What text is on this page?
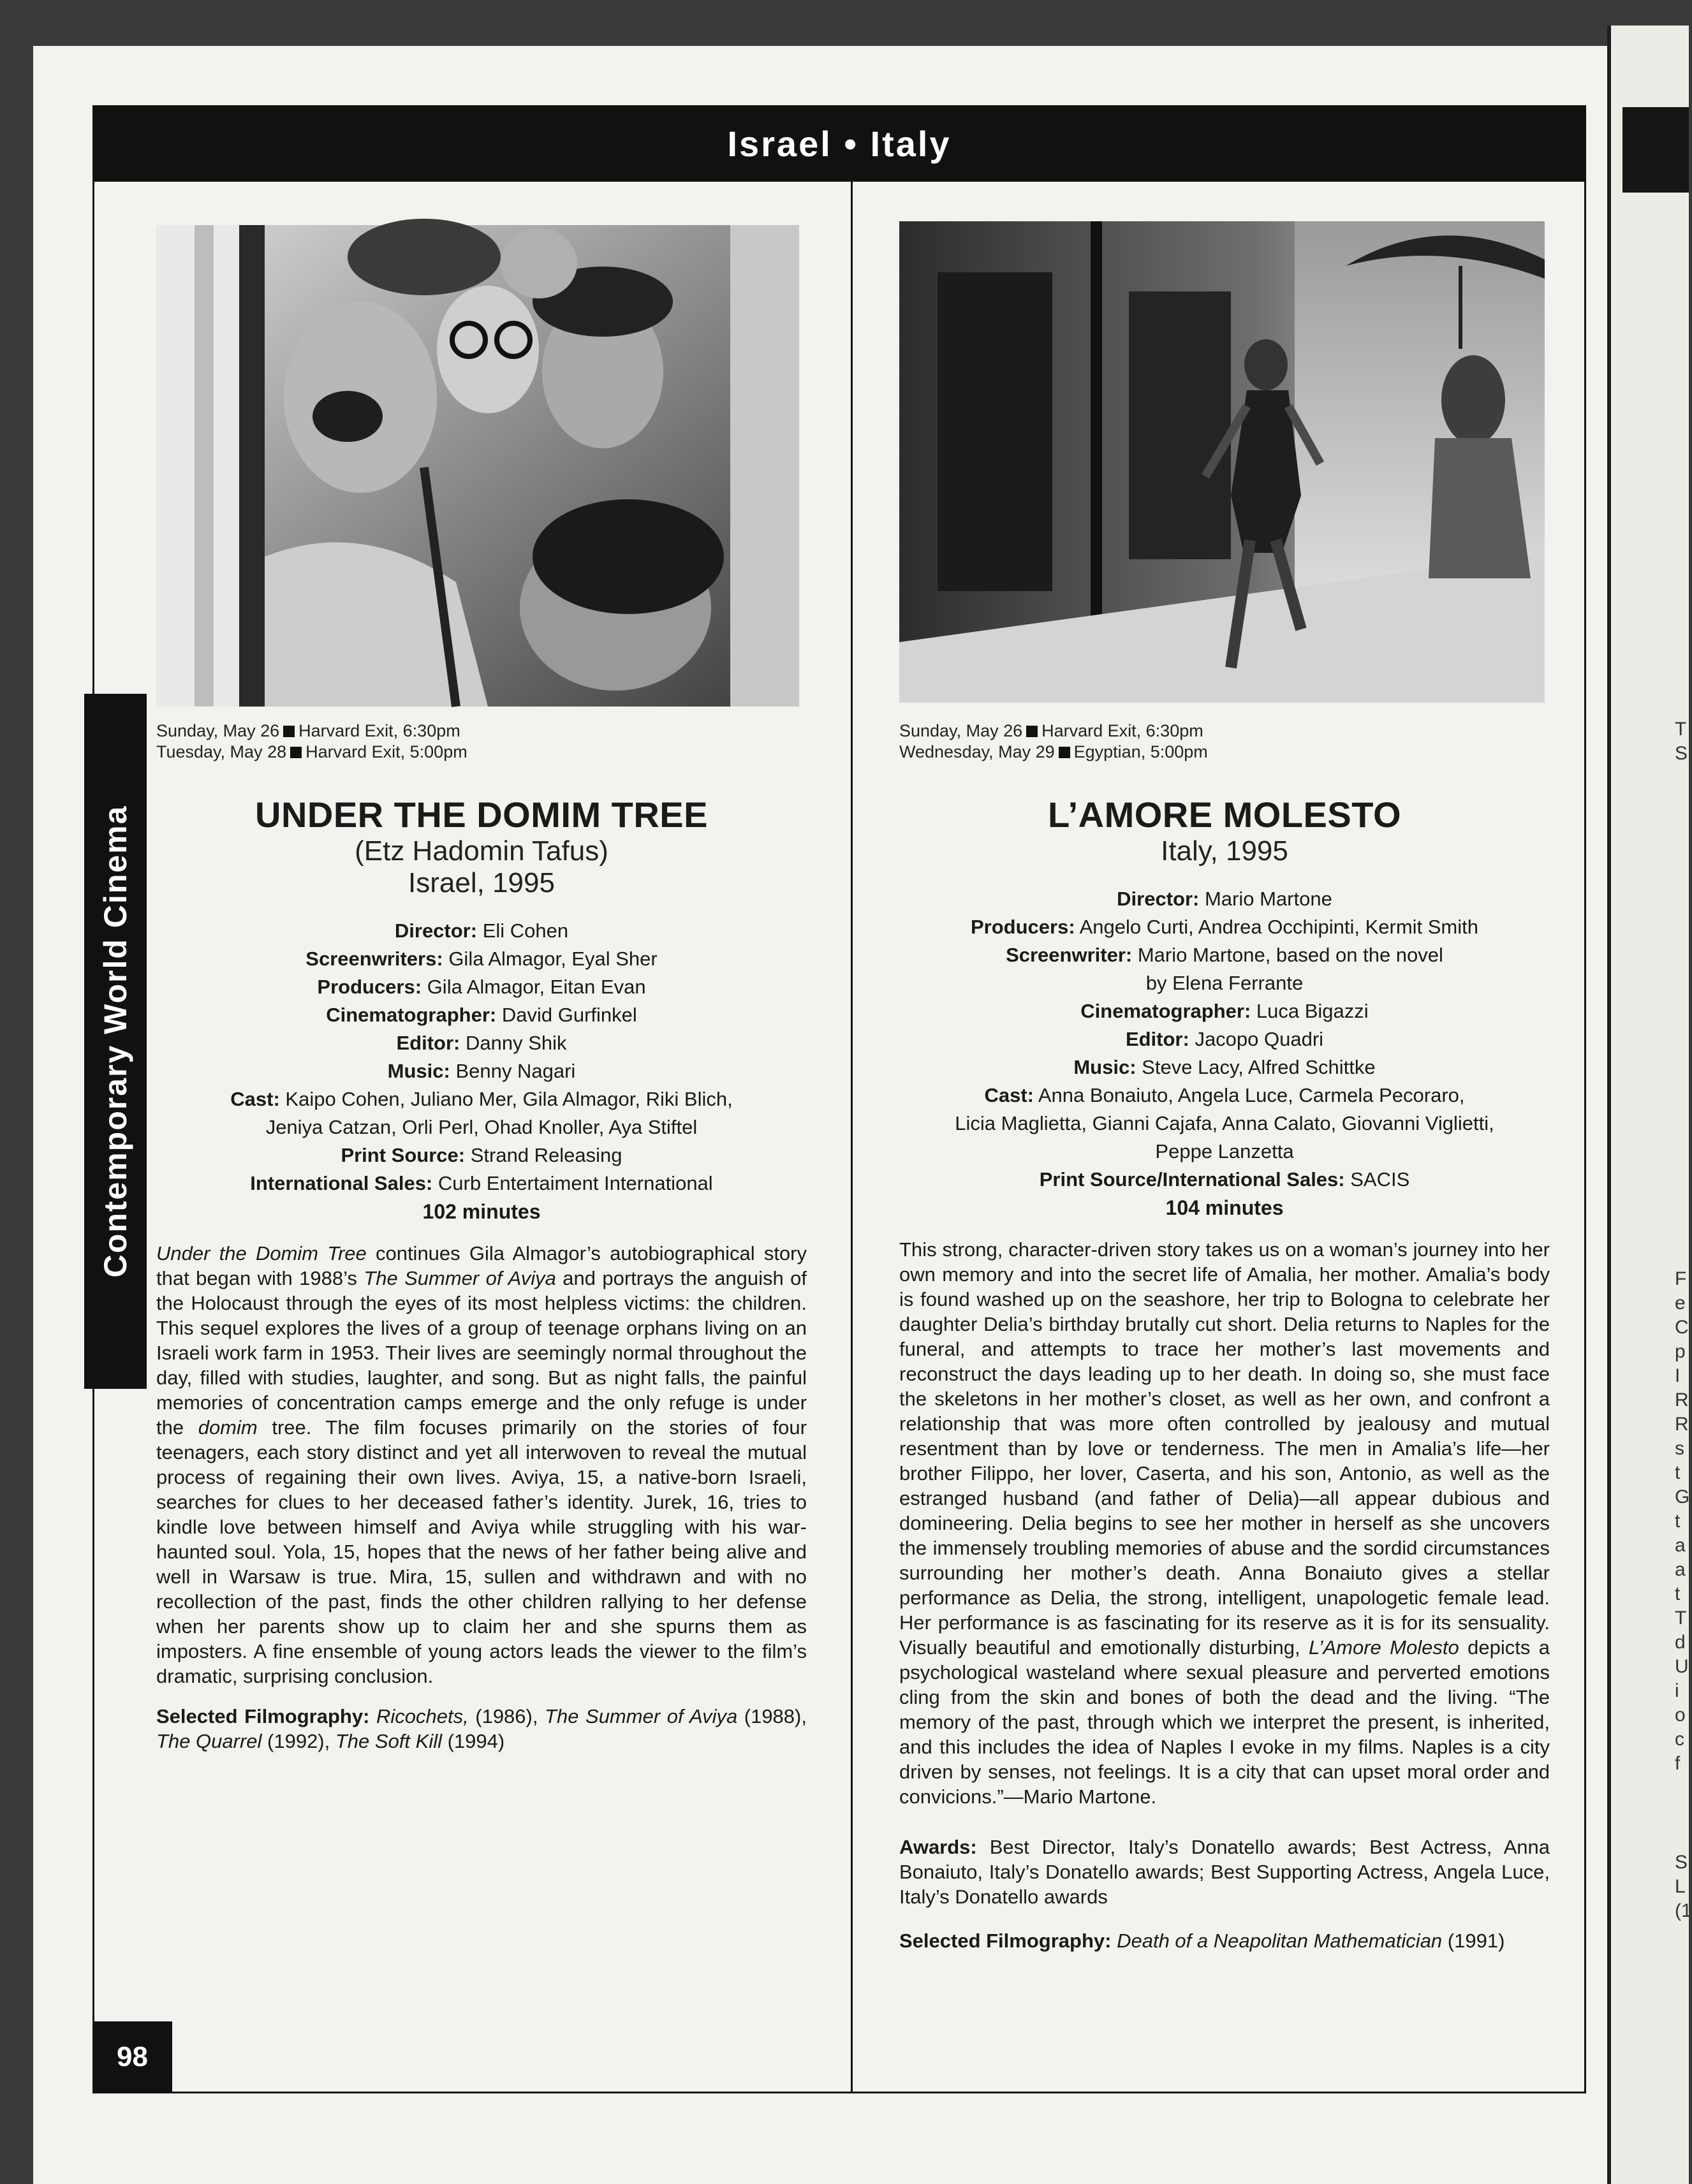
T
S
F
e
C
p
I
R
R
s
t
G
t
a
a
t
T
d
U
i
o
c
f
S
L
(1
Israel • Italy
Contemporary World Cinema
98
Sunday, May 26 Harvard Exit, 6:30pm
Tuesday, May 28 Harvard Exit, 5:00pm
UNDER THE DOMIM TREE
(Etz Hadomin Tafus)
Israel, 1995
Director: Eli Cohen
Screenwriters: Gila Almagor, Eyal Sher
Producers: Gila Almagor, Eitan Evan
Cinematographer: David Gurfinkel
Editor: Danny Shik
Music: Benny Nagari
Cast: Kaipo Cohen, Juliano Mer, Gila Almagor, Riki Blich,
Jeniya Catzan, Orli Perl, Ohad Knoller, Aya Stiftel
Print Source: Strand Releasing
International Sales: Curb Entertaiment International
102 minutes

Under the Domim Tree continues Gila Almagor’s autobiographical story that began with 1988’s The Summer of Aviya and portrays the anguish of the Holocaust through the eyes of its most helpless victims: the children. This sequel explores the lives of a group of teenage orphans living on an Israeli work farm in 1953. Their lives are seemingly normal throughout the day, filled with studies, laughter, and song. But as night falls, the painful memories of concentration camps emerge and the only refuge is under the domim tree. The film focuses primarily on the stories of four teenagers, each story distinct and yet all interwoven to reveal the mutual process of regaining their own lives. Aviya, 15, a native-born Israeli, searches for clues to her deceased father’s identity. Jurek, 16, tries to kindle love between himself and Aviya while struggling with his war-haunted soul. Yola, 15, hopes that the news of her father being alive and well in Warsaw is true. Mira, 15, sullen and withdrawn and with no recollection of the past, finds the other children rallying to her defense when her parents show up to claim her and she spurns them as imposters. A fine ensemble of young actors leads the viewer to the film’s dramatic, surprising conclusion.

Selected Filmography: Ricochets, (1986), The Summer of Aviya (1988), The Quarrel (1992), The Soft Kill (1994)

Sunday, May 26 Harvard Exit, 6:30pm
Wednesday, May 29 Egyptian, 5:00pm
L’AMORE MOLESTO
Italy, 1995
Director: Mario Martone
Producers: Angelo Curti, Andrea Occhipinti, Kermit Smith
Screenwriter: Mario Martone, based on the novel
by Elena Ferrante
Cinematographer: Luca Bigazzi
Editor: Jacopo Quadri
Music: Steve Lacy, Alfred Schittke
Cast: Anna Bonaiuto, Angela Luce, Carmela Pecoraro,
Licia Maglietta, Gianni Cajafa, Anna Calato, Giovanni Viglietti,
Peppe Lanzetta
Print Source/International Sales: SACIS
104 minutes

This strong, character-driven story takes us on a woman’s journey into her own memory and into the secret life of Amalia, her mother. Amalia’s body is found washed up on the seashore, her trip to Bologna to celebrate her daughter Delia’s birthday brutally cut short. Delia returns to Naples for the funeral, and attempts to trace her mother’s last movements and reconstruct the days leading up to her death. In doing so, she must face the skeletons in her mother’s closet, as well as her own, and confront a relationship that was more often controlled by jealousy and mutual resentment than by love or tenderness. The men in Amalia’s life—her brother Filippo, her lover, Caserta, and his son, Antonio, as well as the estranged husband (and father of Delia)—all appear dubious and domineering. Delia begins to see her mother in herself as she uncovers the immensely troubling memories of abuse and the sordid circumstances surrounding her mother’s death. Anna Bonaiuto gives a stellar performance as Delia, the strong, intelligent, unapologetic female lead. Her performance is as fascinating for its reserve as it is for its sensuality. Visually beautiful and emotionally disturbing, L’Amore Molesto depicts a psychological wasteland where sexual pleasure and perverted emotions cling from the skin and bones of both the dead and the living. “The memory of the past, through which we interpret the present, is inherited, and this includes the idea of Naples I evoke in my films. Naples is a city driven by senses, not feelings. It is a city that can upset moral order and convicions.”—Mario Martone.

Awards: Best Director, Italy’s Donatello awards; Best Actress, Anna Bonaiuto, Italy’s Donatello awards; Best Supporting Actress, Angela Luce, Italy’s Donatello awards

Selected Filmography: Death of a Neapolitan Mathematician (1991)
